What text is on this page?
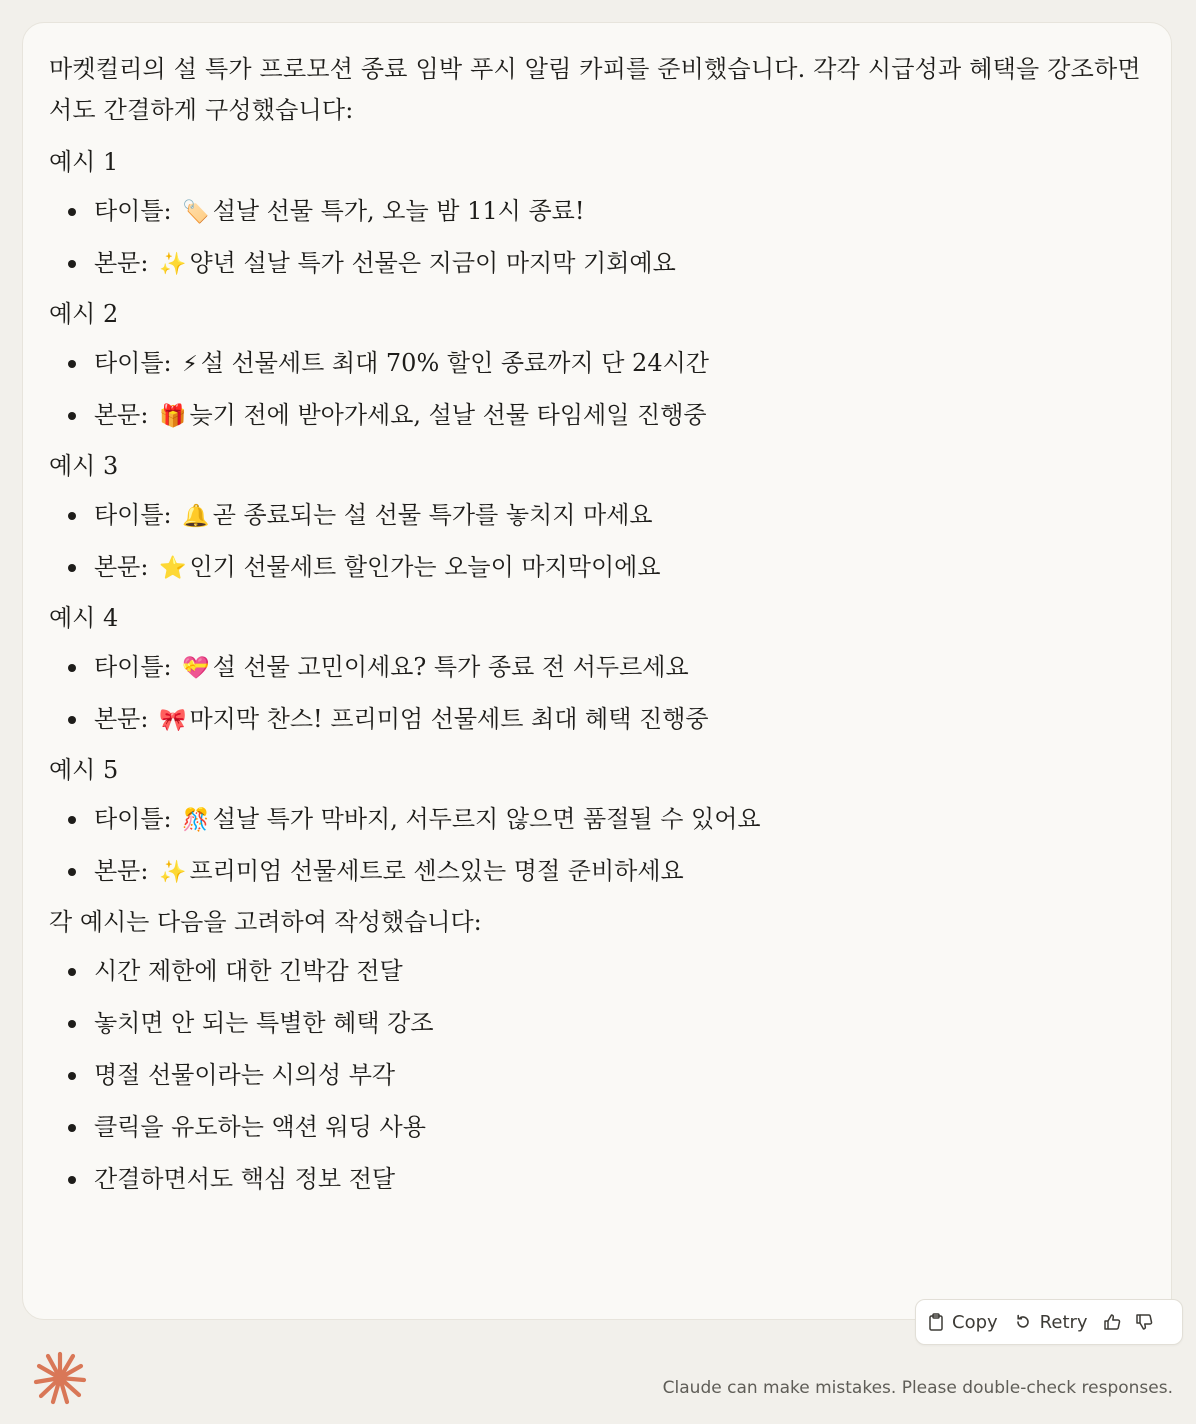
마켓컬리의 설 특가 프로모션 종료 임박 푸시 알림 카피를 준비했습니다. 각각 시급성과 혜택을 강조하면서도 간결하게 구성했습니다:

예시 1
타이틀: 🏷️ 설날 선물 특가, 오늘 밤 11시 종료!
본문: ✨ 양년 설날 특가 선물은 지금이 마지막 기회예요
예시 2
타이틀: ⚡ 설 선물세트 최대 70% 할인 종료까지 단 24시간
본문: 🎁 늦기 전에 받아가세요, 설날 선물 타임세일 진행중
예시 3
타이틀: 🔔 곧 종료되는 설 선물 특가를 놓치지 마세요
본문: ⭐ 인기 선물세트 할인가는 오늘이 마지막이에요
예시 4
타이틀: 💝 설 선물 고민이세요? 특가 종료 전 서두르세요
본문: 🎀 마지막 찬스! 프리미엄 선물세트 최대 혜택 진행중
예시 5
타이틀: 🎊 설날 특가 막바지, 서두르지 않으면 품절될 수 있어요
본문: ✨ 프리미엄 선물세트로 센스있는 명절 준비하세요
각 예시는 다음을 고려하여 작성했습니다:
시간 제한에 대한 긴박감 전달
놓치면 안 되는 특별한 혜택 강조
명절 선물이라는 시의성 부각
클릭을 유도하는 액션 워딩 사용
간결하면서도 핵심 정보 전달
Copy Retry
Claude can make mistakes. Please double-check responses.
